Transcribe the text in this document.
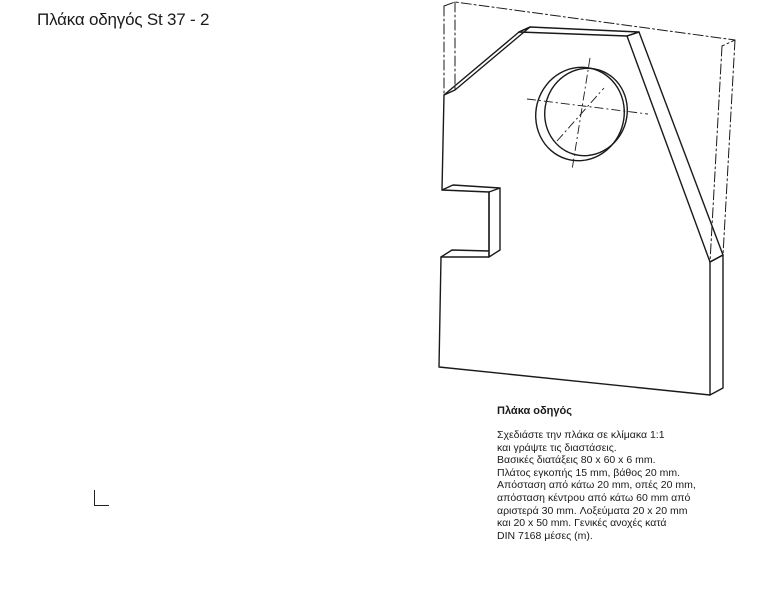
Πλάκα οδηγός St 37 - 2
Πλάκα οδηγός
Σχεδιάστε την πλάκα σε κλίμακα 1:1
και γράψτε τις διαστάσεις.
Βασικές διατάξεις 80 x 60 x 6 mm.
Πλάτος εγκοπής 15 mm, βάθος 20 mm.
Απόσταση από κάτω 20 mm, οπές 20 mm,
απόσταση κέντρου από κάτω 60 mm από
αριστερά 30 mm. Λοξεύματα 20 x 20 mm
και 20 x 50 mm. Γενικές ανοχές κατά
DIN 7168 μέσες (m).
